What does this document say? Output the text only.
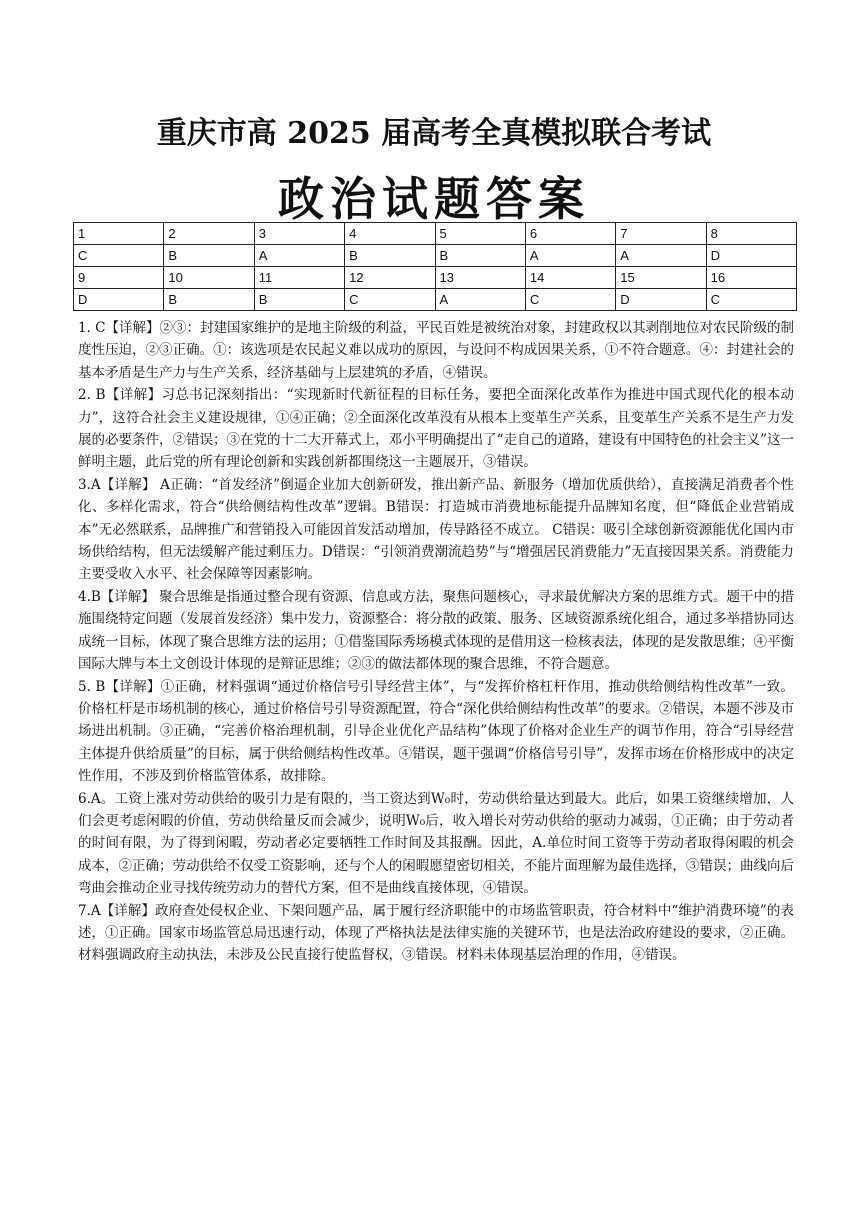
重庆市高 2025 届高考全真模拟联合考试
政治试题答案
1	2	3	4	5	6	7	8
C	B	A	B	B	A	A	D
9	10	11	12	13	14	15	16
D	B	B	C	A	C	D	C

1. C【详解】②③：封建国家维护的是地主阶级的利益，平民百姓是被统治对象，封建政权以其剥削地位对农民阶级的制度性压迫，②③正确。①：该选项是农民起义难以成功的原因，与设问不构成因果关系，①不符合题意。④：封建社会的基本矛盾是生产力与生产关系，经济基础与上层建筑的矛盾，④错误。

2. B【详解】习总书记深刻指出：“实现新时代新征程的目标任务，要把全面深化改革作为推进中国式现代化的根本动力”，这符合社会主义建设规律，①④正确；②全面深化改革没有从根本上变革生产关系，且变革生产关系不是生产力发展的必要条件，②错误；③在党的十二大开幕式上，邓小平明确提出了“走自己的道路，建设有中国特色的社会主义”这一鲜明主题，此后党的所有理论创新和实践创新都围绕这一主题展开，③错误。

3.A【详解】 A正确：“首发经济”倒逼企业加大创新研发，推出新产品、新服务（增加优质供给），直接满足消费者个性化、多样化需求，符合“供给侧结构性改革”逻辑。B错误：打造城市消费地标能提升品牌知名度，但“降低企业营销成本”无必然联系，品牌推广和营销投入可能因首发活动增加，传导路径不成立。 C错误：吸引全球创新资源能优化国内市场供给结构，但无法缓解产能过剩压力。D错误：“引领消费潮流趋势”与“增强居民消费能力”无直接因果关系。消费能力主要受收入水平、社会保障等因素影响。

4.B【详解】 聚合思维是指通过整合现有资源、信息或方法，聚焦问题核心，寻求最优解决方案的思维方式。题干中的措施围绕特定问题（发展首发经济）集中发力，资源整合：将分散的政策、服务、区域资源系统化组合，通过多举措协同达成统一目标，体现了聚合思维方法的运用；①借鉴国际秀场模式体现的是借用这一检核表法，体现的是发散思维；④平衡国际大牌与本土文创设计体现的是辩证思维；②③的做法都体现的聚合思维，不符合题意。

5. B【详解】①正确，材料强调“通过价格信号引导经营主体”，与“发挥价格杠杆作用，推动供给侧结构性改革”一致。价格杠杆是市场机制的核心，通过价格信号引导资源配置，符合“深化供给侧结构性改革”的要求。②错误，本题不涉及市场进出机制。③正确，“完善价格治理机制，引导企业优化产品结构”体现了价格对企业生产的调节作用，符合“引导经营主体提升供给质量”的目标，属于供给侧结构性改革。④错误，题干强调“价格信号引导”，发挥市场在价格形成中的决定性作用，不涉及到价格监管体系，故排除。

6.A。工资上涨对劳动供给的吸引力是有限的，当工资达到W₀时，劳动供给量达到最大。此后，如果工资继续增加，人们会更考虑闲暇的价值，劳动供给量反而会减少，说明W₀后，收入增长对劳动供给的驱动力减弱，①正确；由于劳动者的时间有限，为了得到闲暇，劳动者必定要牺牲工作时间及其报酬。因此，A.单位时间工资等于劳动者取得闲暇的机会成本，②正确；劳动供给不仅受工资影响，还与个人的闲暇愿望密切相关，不能片面理解为最佳选择，③错误；曲线向后弯曲会推动企业寻找传统劳动力的替代方案，但不是曲线直接体现，④错误。

7.A【详解】政府查处侵权企业、下架问题产品，属于履行经济职能中的市场监管职责，符合材料中“维护消费环境”的表述，①正确。国家市场监管总局迅速行动，体现了严格执法是法律实施的关键环节，也是法治政府建设的要求，②正确。材料强调政府主动执法，未涉及公民直接行使监督权，③错误。材料未体现基层治理的作用，④错误。
